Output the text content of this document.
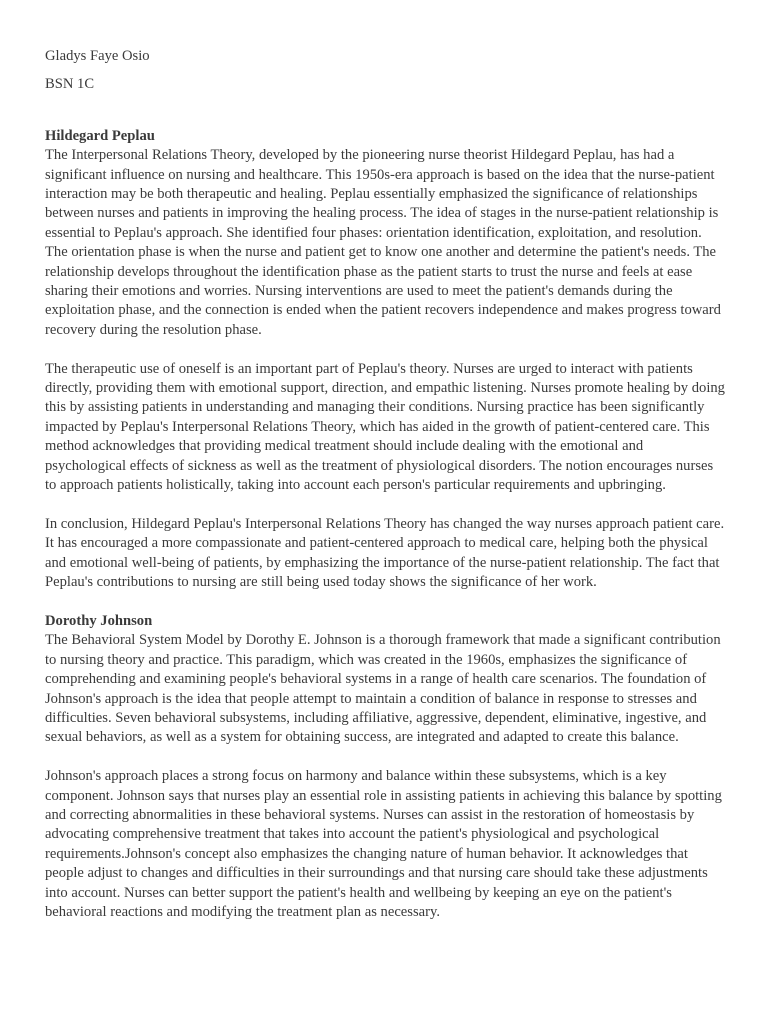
Gladys Faye Osio

BSN 1C

Hildegard Peplau

The Interpersonal Relations Theory, developed by the pioneering nurse theorist Hildegard Peplau, has had a significant influence on nursing and healthcare. This 1950s-era approach is based on the idea that the nurse-patient interaction may be both therapeutic and healing. Peplau essentially emphasized the significance of relationships between nurses and patients in improving the healing process. The idea of stages in the nurse-patient relationship is essential to Peplau's approach. She identified four phases: orientation identification, exploitation, and resolution. The orientation phase is when the nurse and patient get to know one another and determine the patient's needs. The relationship develops throughout the identification phase as the patient starts to trust the nurse and feels at ease sharing their emotions and worries. Nursing interventions are used to meet the patient's demands during the exploitation phase, and the connection is ended when the patient recovers independence and makes progress toward recovery during the resolution phase.

The therapeutic use of oneself is an important part of Peplau's theory. Nurses are urged to interact with patients directly, providing them with emotional support, direction, and empathic listening. Nurses promote healing by doing this by assisting patients in understanding and managing their conditions. Nursing practice has been significantly impacted by Peplau's Interpersonal Relations Theory, which has aided in the growth of patient-centered care. This method acknowledges that providing medical treatment should include dealing with the emotional and psychological effects of sickness as well as the treatment of physiological disorders. The notion encourages nurses to approach patients holistically, taking into account each person's particular requirements and upbringing.

In conclusion, Hildegard Peplau's Interpersonal Relations Theory has changed the way nurses approach patient care. It has encouraged a more compassionate and patient-centered approach to medical care, helping both the physical and emotional well-being of patients, by emphasizing the importance of the nurse-patient relationship. The fact that Peplau's contributions to nursing are still being used today shows the significance of her work.

Dorothy Johnson

The Behavioral System Model by Dorothy E. Johnson is a thorough framework that made a significant contribution to nursing theory and practice. This paradigm, which was created in the 1960s, emphasizes the significance of comprehending and examining people's behavioral systems in a range of health care scenarios. The foundation of Johnson's approach is the idea that people attempt to maintain a condition of balance in response to stresses and difficulties. Seven behavioral subsystems, including affiliative, aggressive, dependent, eliminative, ingestive, and sexual behaviors, as well as a system for obtaining success, are integrated and adapted to create this balance.

Johnson's approach places a strong focus on harmony and balance within these subsystems, which is a key component. Johnson says that nurses play an essential role in assisting patients in achieving this balance by spotting and correcting abnormalities in these behavioral systems. Nurses can assist in the restoration of homeostasis by advocating comprehensive treatment that takes into account the patient's physiological and psychological requirements.Johnson's concept also emphasizes the changing nature of human behavior. It acknowledges that people adjust to changes and difficulties in their surroundings and that nursing care should take these adjustments into account. Nurses can better support the patient's health and wellbeing by keeping an eye on the patient's behavioral reactions and modifying the treatment plan as necessary.
